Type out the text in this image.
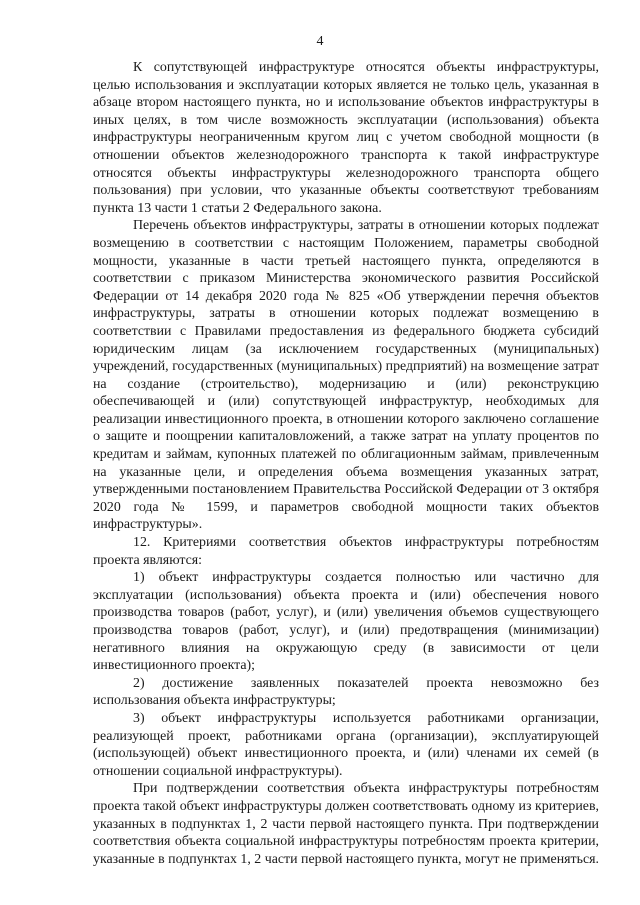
4

К сопутствующей инфраструктуре относятся объекты инфраструктуры, целью использования и эксплуатации которых является не только цель, указанная в абзаце втором настоящего пункта, но и использование объектов инфраструктуры в иных целях, в том числе возможность эксплуатации (использования) объекта инфраструктуры неограниченным кругом лиц с учетом свободной мощности (в отношении объектов железнодорожного транспорта к такой инфраструктуре относятся объекты инфраструктуры железнодорожного транспорта общего пользования) при условии, что указанные объекты соответствуют требованиям пункта 13 части 1 статьи 2 Федерального закона.

Перечень объектов инфраструктуры, затраты в отношении которых подлежат возмещению в соответствии с настоящим Положением, параметры свободной мощности, указанные в части третьей настоящего пункта, определяются в соответствии с приказом Министерства экономического развития Российской Федерации от 14 декабря 2020 года № 825 «Об утверждении перечня объектов инфраструктуры, затраты в отношении которых подлежат возмещению в соответствии с Правилами предоставления из федерального бюджета субсидий юридическим лицам (за исключением государственных (муниципальных) учреждений, государственных (муниципальных) предприятий) на возмещение затрат на создание (строительство), модернизацию и (или) реконструкцию обеспечивающей и (или) сопутствующей инфраструктур, необходимых для реализации инвестиционного проекта, в отношении которого заключено соглашение о защите и поощрении капиталовложений, а также затрат на уплату процентов по кредитам и займам, купонных платежей по облигационным займам, привлеченным на указанные цели, и определения объема возмещения указанных затрат, утвержденными постановлением Правительства Российской Федерации от 3 октября 2020 года № 1599, и параметров свободной мощности таких объектов инфраструктуры».

12. Критериями соответствия объектов инфраструктуры потребностям проекта являются:

1) объект инфраструктуры создается полностью или частично для эксплуатации (использования) объекта проекта и (или) обеспечения нового производства товаров (работ, услуг), и (или) увеличения объемов существующего производства товаров (работ, услуг), и (или) предотвращения (минимизации) негативного влияния на окружающую среду (в зависимости от цели инвестиционного проекта);

2) достижение заявленных показателей проекта невозможно без использования объекта инфраструктуры;

3) объект инфраструктуры используется работниками организации, реализующей проект, работниками органа (организации), эксплуатирующей (использующей) объект инвестиционного проекта, и (или) членами их семей (в отношении социальной инфраструктуры).

При подтверждении соответствия объекта инфраструктуры потребностям проекта такой объект инфраструктуры должен соответствовать одному из критериев, указанных в подпунктах 1, 2 части первой настоящего пункта. При подтверждении соответствия объекта социальной инфраструктуры потребностям проекта критерии, указанные в подпунктах 1, 2 части первой настоящего пункта, могут не применяться.
